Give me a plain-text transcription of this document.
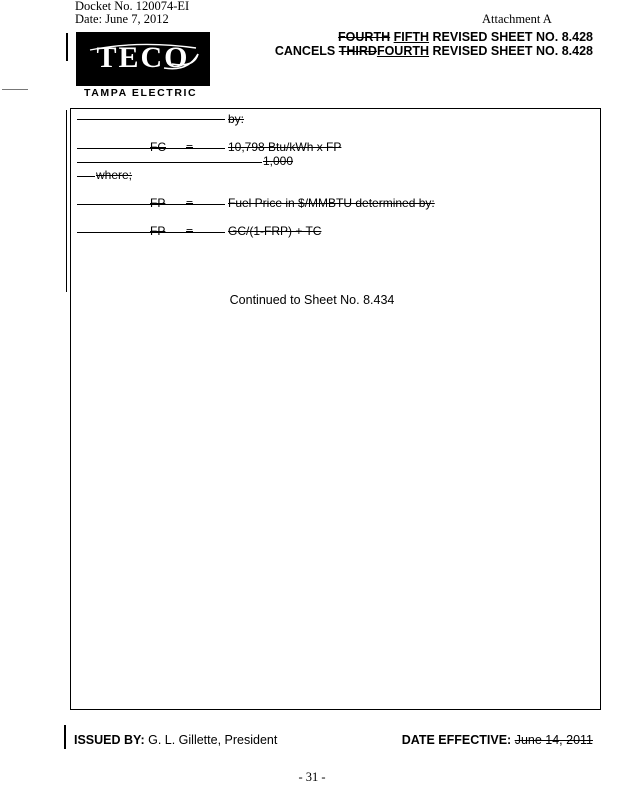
Docket No. 120074-EI
Date: June 7, 2012	Attachment A
TECO
TAMPA ELECTRIC
FOURTH FIFTH REVISED SHEET NO. 8.428
CANCELS THIRDFOURTH REVISED SHEET NO. 8.428
by:
FC =	10,798 Btu/kWh x FP
1,000
where;
FP =	Fuel Price in $/MMBTU determined by:
FP =	GC/(1-FRP) + TC
Continued to Sheet No. 8.434
ISSUED BY: G. L. Gillette, President	DATE EFFECTIVE: June 14, 2011
- 31 -
